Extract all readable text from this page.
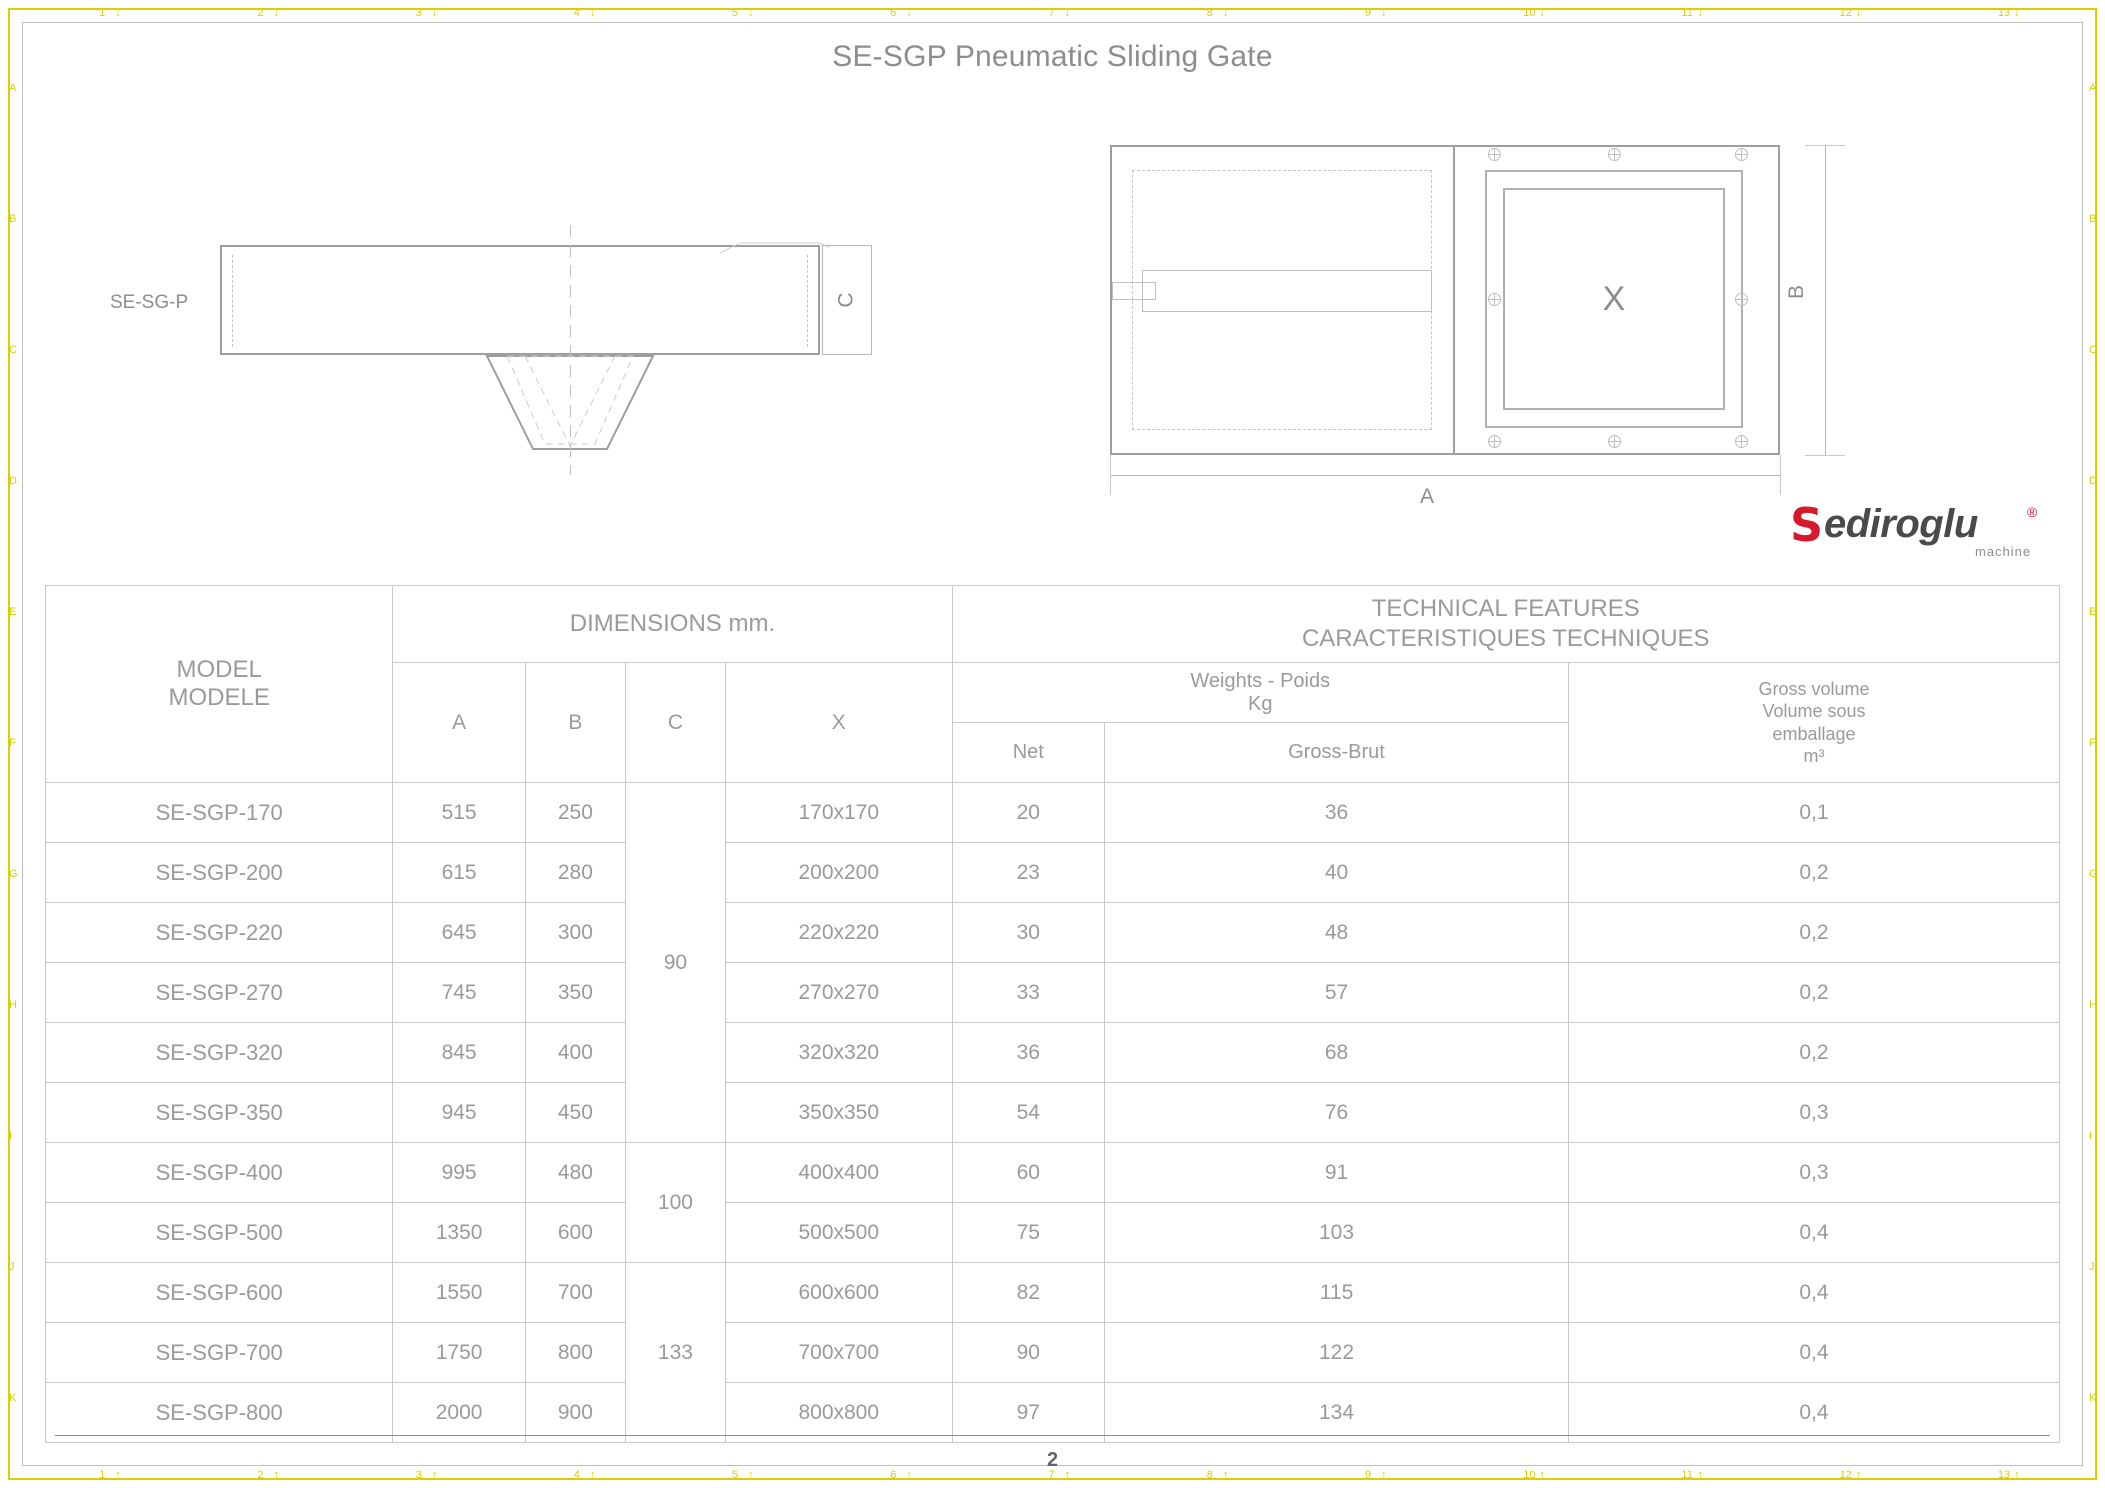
1
1
↓
↑
2
2
↓
↑
3
3
↓
↑
4
4
↓
↑
5
5
↓
↑
6
6
↓
↑
7
7
↓
↑
8
8
↓
↑
9
9
↓
↑
10
10
↓
↑
11
11
↓
↑
12
12
↓
↑
13
13
↓
↑
A	A
B	B
C	C
D	D
E	E
F	F
G	G
H	H
I	I
J	J
K	K
SE-SGP Pneumatic Sliding Gate
SE-SG-P	C	X	B
A
S ediroglu	®
machine
MODEL
MODELE
	DIMENSIONS mm.	
TECHNICAL FEATURES
CARACTERISTIQUES TECHNIQUES

A	B	C	X	
Weights - Poids
Kg

Gross volume
Volume sous
emballage
m³

					Net	Gross-Brut	
SE-SGP-170	515	250	90	170x170	20	36	0,1
SE-SGP-200	615	280		200x200	23	40	0,2
SE-SGP-220	645	300		220x220	30	48	0,2
SE-SGP-270	745	350		270x270	33	57	0,2
SE-SGP-320	845	400		320x320	36	68	0,2
SE-SGP-350	945	450		350x350	54	76	0,3
SE-SGP-400	995	480	100	400x400	60	91	0,3
SE-SGP-500	1350	600		500x500	75	103	0,4
SE-SGP-600	1550	700	133	600x600	82	115	0,4
SE-SGP-700	1750	800		700x700	90	122	0,4
SE-SGP-800	2000	900		800x800	97	134	0,4
2
